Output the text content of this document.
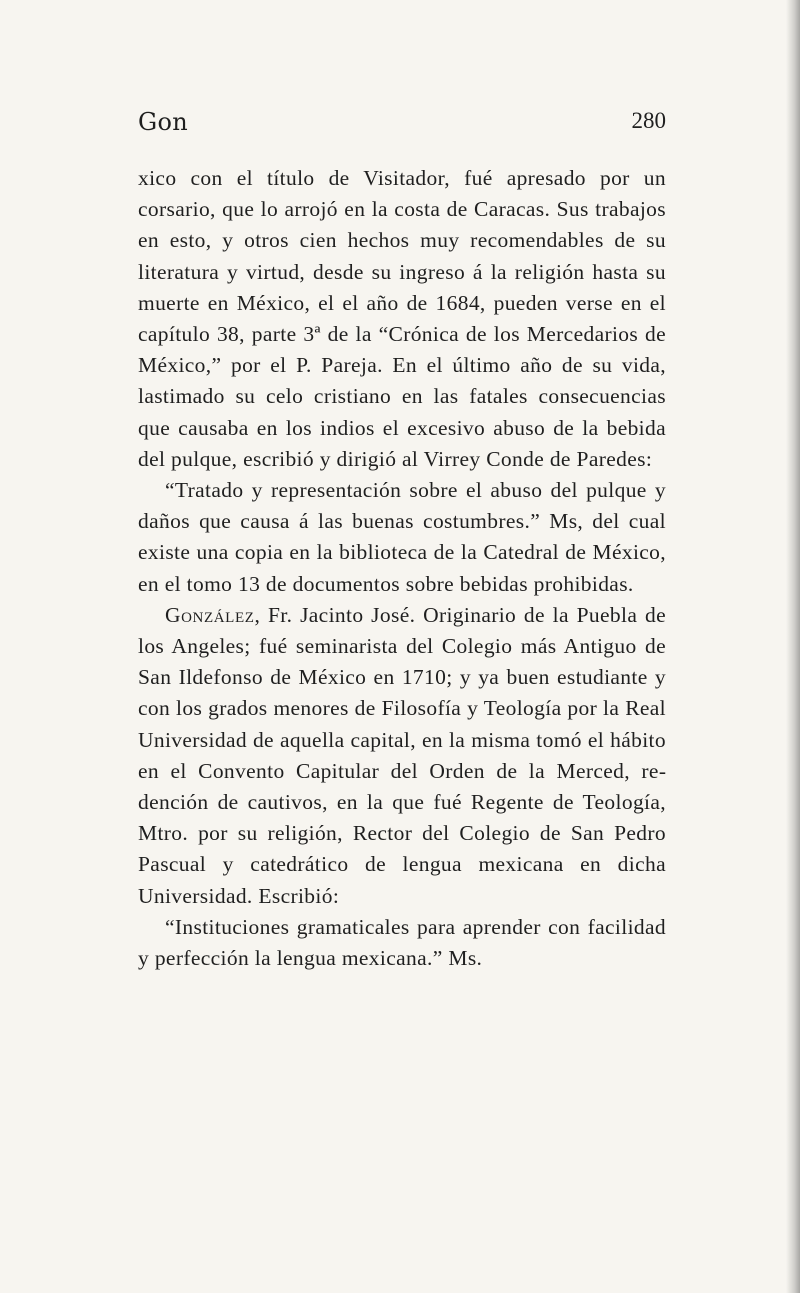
Gon	280

xico con el título de Visitador, fué apresado por un corsario, que lo arrojó en la costa de Caracas. Sus trabajos en esto, y otros cien hechos muy recomendables de su literatura y virtud, desde su ingreso á la religión hasta su muerte en México, el el año de 1684, pueden verse en el capítulo 38, parte 3ª de la “Crónica de los Mercedarios de México,” por el P. Pareja. En el último año de su vida, lastimado su celo cristiano en las fatales consecuencias que causaba en los indios el excesivo abuso de la bebida del pulque, escribió y dirigió al Virrey Conde de Paredes:

“Tratado y representación sobre el abuso del pulque y daños que causa á las buenas costumbres.” Ms, del cual existe una copia en la biblioteca de la Catedral de México, en el tomo 13 de documentos sobre bebidas prohibidas.

González, Fr. Jacinto José. Originario de la Puebla de los Angeles; fué seminarista del Colegio más Antiguo de San Ildefonso de México en 1710; y ya buen estudiante y con los grados menores de Filosofía y Teología por la Real Universidad de aquella capital, en la misma tomó el hábito en el Convento Capitular del Orden de la Merced, redención de cautivos, en la que fué Regente de Teología, Mtro. por su religión, Rector del Colegio de San Pedro Pascual y catedrático de lengua mexicana en dicha Universidad. Escribió:

“Instituciones gramaticales para aprender con facilidad y perfección la lengua mexicana.” Ms.
